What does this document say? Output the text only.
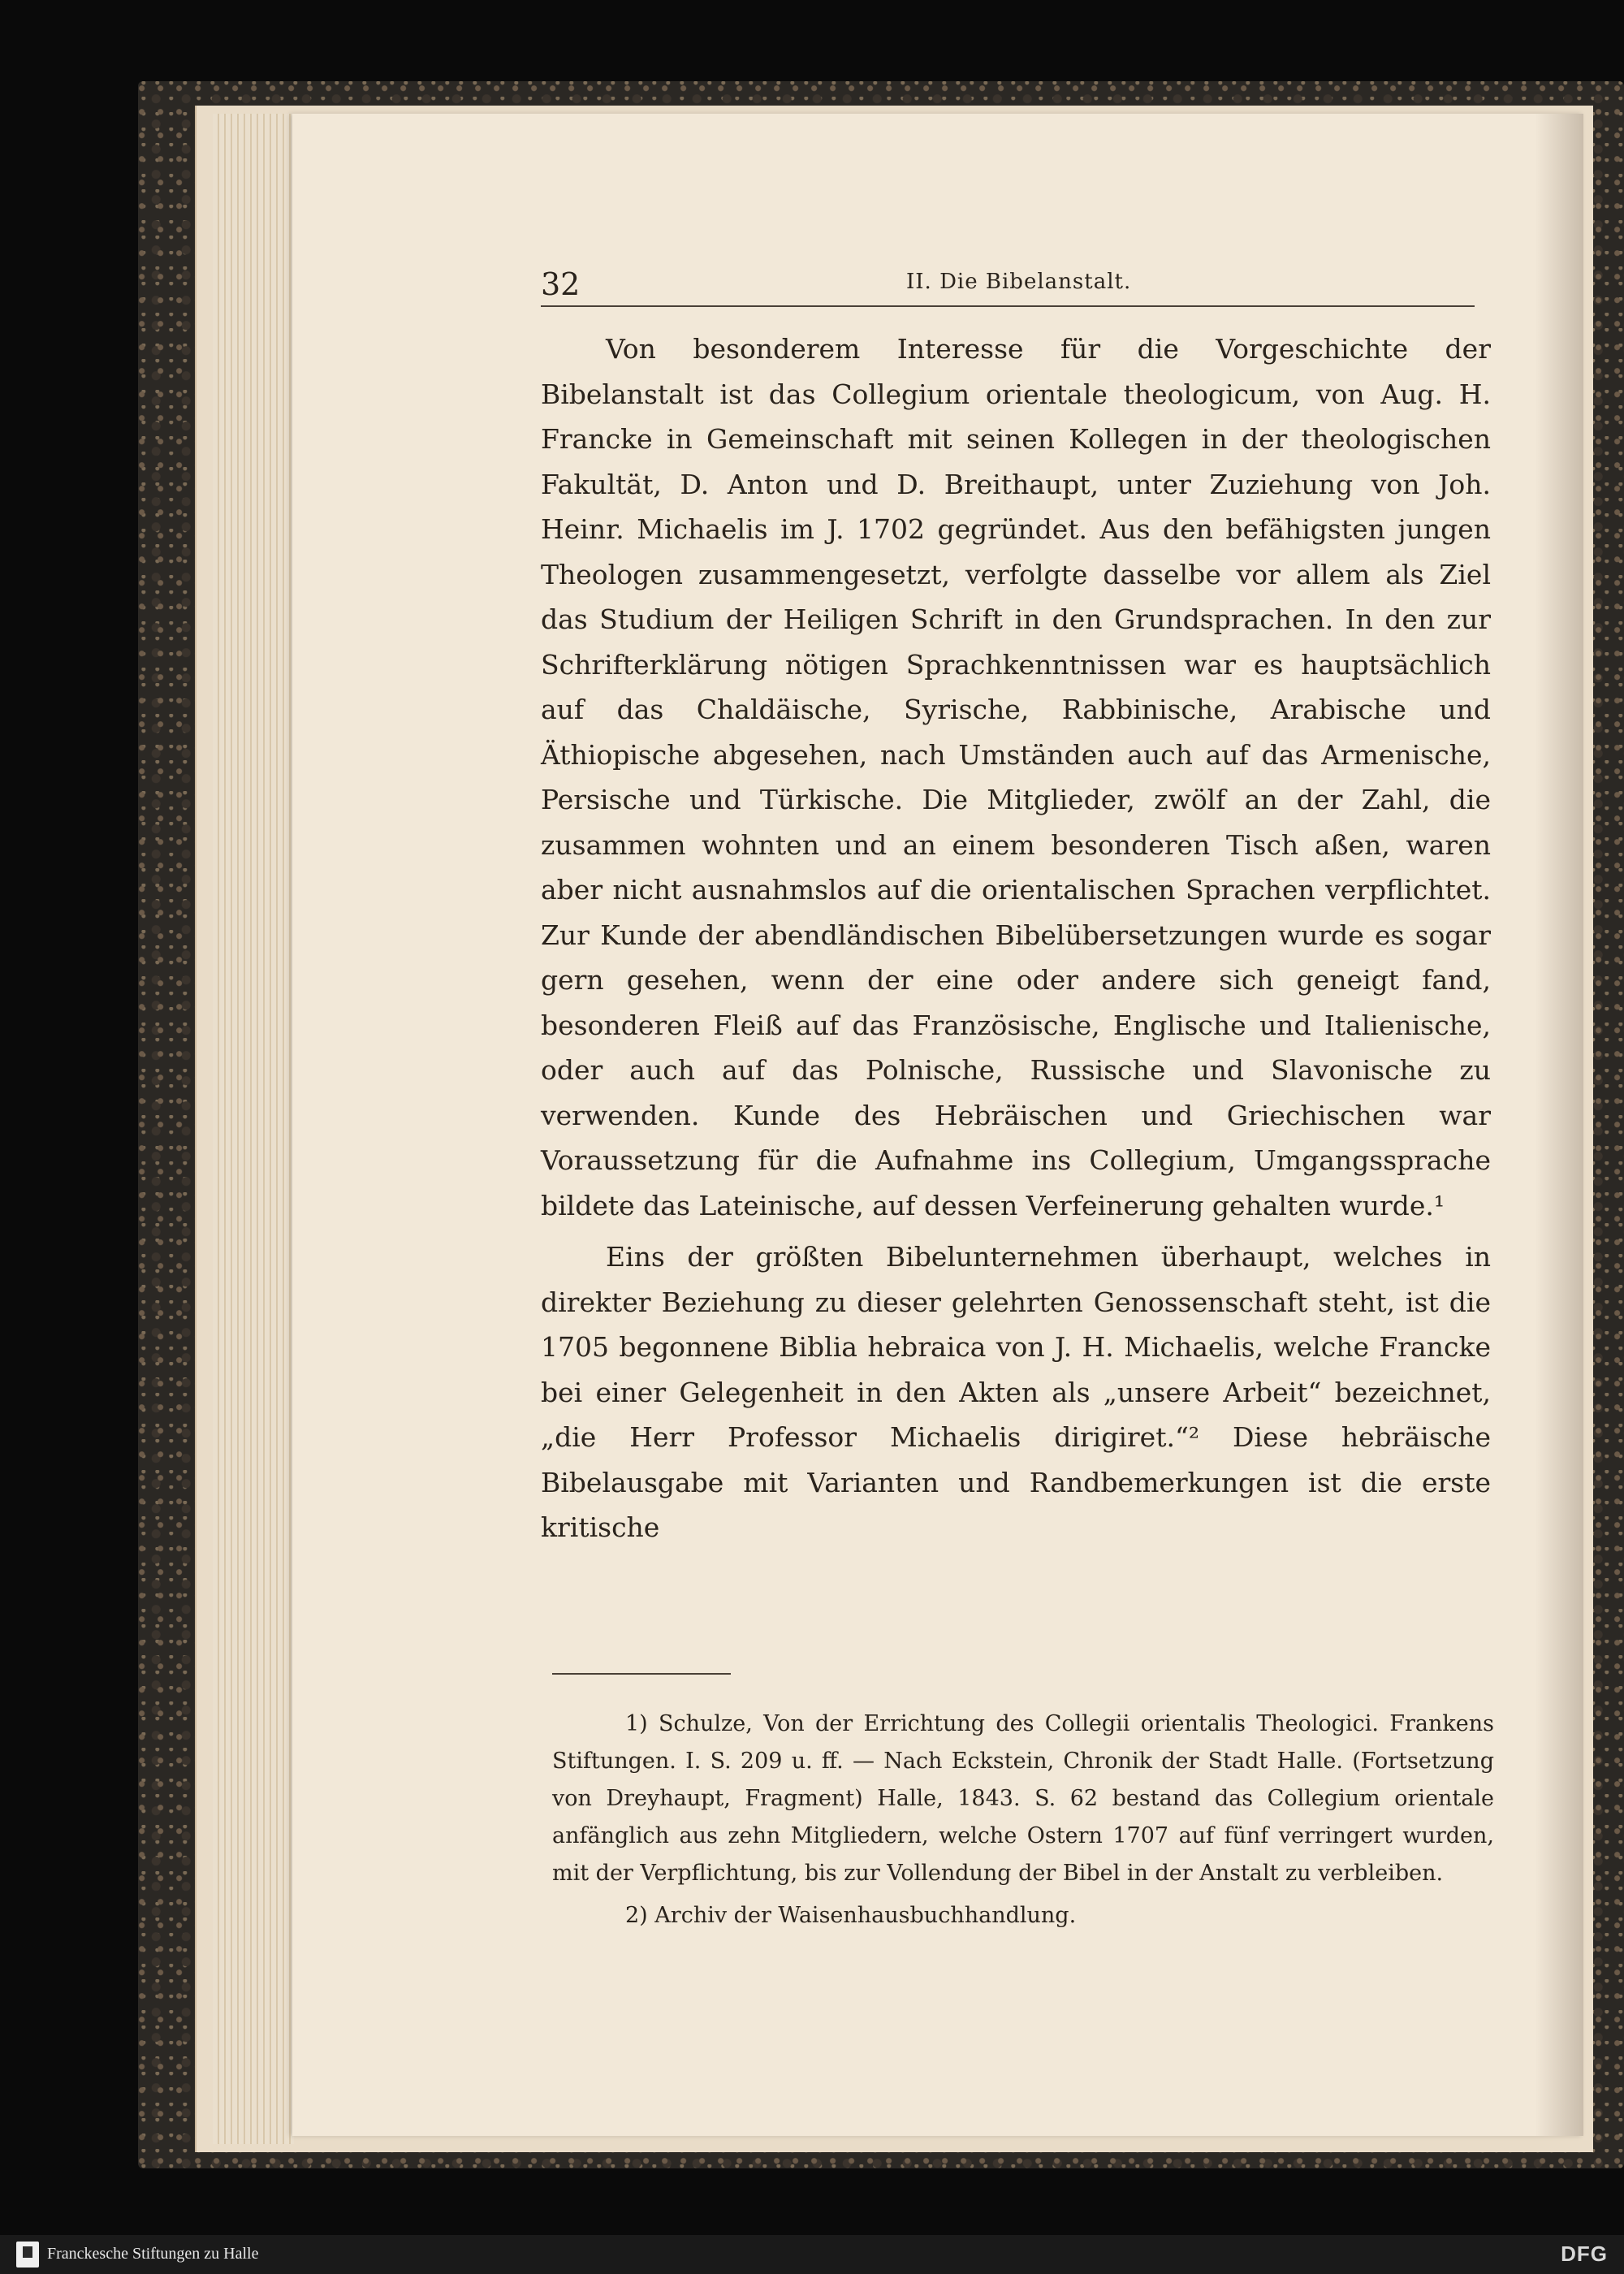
32	II. Die Bibelanstalt.

Von besonderem Interesse für die Vorgeschichte der Bibelanstalt ist das Collegium orientale theologicum, von Aug. H. Francke in Gemeinschaft mit seinen Kollegen in der theologischen Fakultät, D. Anton und D. Breithaupt, unter Zuziehung von Joh. Heinr. Michaelis im J. 1702 gegründet. Aus den befähigsten jungen Theologen zusammengesetzt, verfolgte dasselbe vor allem als Ziel das Studium der Heiligen Schrift in den Grundsprachen. In den zur Schrifterklärung nötigen Sprachkenntnissen war es hauptsächlich auf das Chaldäische, Syrische, Rabbinische, Arabische und Äthiopische abgesehen, nach Umständen auch auf das Armenische, Persische und Türkische. Die Mitglieder, zwölf an der Zahl, die zusammen wohnten und an einem besonderen Tisch aßen, waren aber nicht ausnahmslos auf die orientalischen Sprachen verpflichtet. Zur Kunde der abendländischen Bibelübersetzungen wurde es sogar gern gesehen, wenn der eine oder andere sich geneigt fand, besonderen Fleiß auf das Französische, Englische und Italienische, oder auch auf das Polnische, Russische und Slavonische zu verwenden. Kunde des Hebräischen und Griechischen war Voraussetzung für die Aufnahme ins Collegium, Umgangssprache bildete das Lateinische, auf dessen Verfeinerung gehalten wurde.¹

Eins der größten Bibelunternehmen überhaupt, welches in direkter Beziehung zu dieser gelehrten Genossenschaft steht, ist die 1705 begonnene Biblia hebraica von J. H. Michaelis, welche Francke bei einer Gelegenheit in den Akten als „unsere Arbeit“ bezeichnet, „die Herr Professor Michaelis dirigiret.“² Diese hebräische Bibelausgabe mit Varianten und Randbemerkungen ist die erste kritische

1) Schulze, Von der Errichtung des Collegii orientalis Theologici. Frankens Stiftungen. I. S. 209 u. ff. — Nach Eckstein, Chronik der Stadt Halle. (Fortsetzung von Dreyhaupt, Fragment) Halle, 1843. S. 62 bestand das Collegium orientale anfänglich aus zehn Mitgliedern, welche Ostern 1707 auf fünf verringert wurden, mit der Verpflichtung, bis zur Vollendung der Bibel in der Anstalt zu verbleiben.

2) Archiv der Waisenhausbuchhandlung.

Franckesche Stiftungen zu Halle	DFG
